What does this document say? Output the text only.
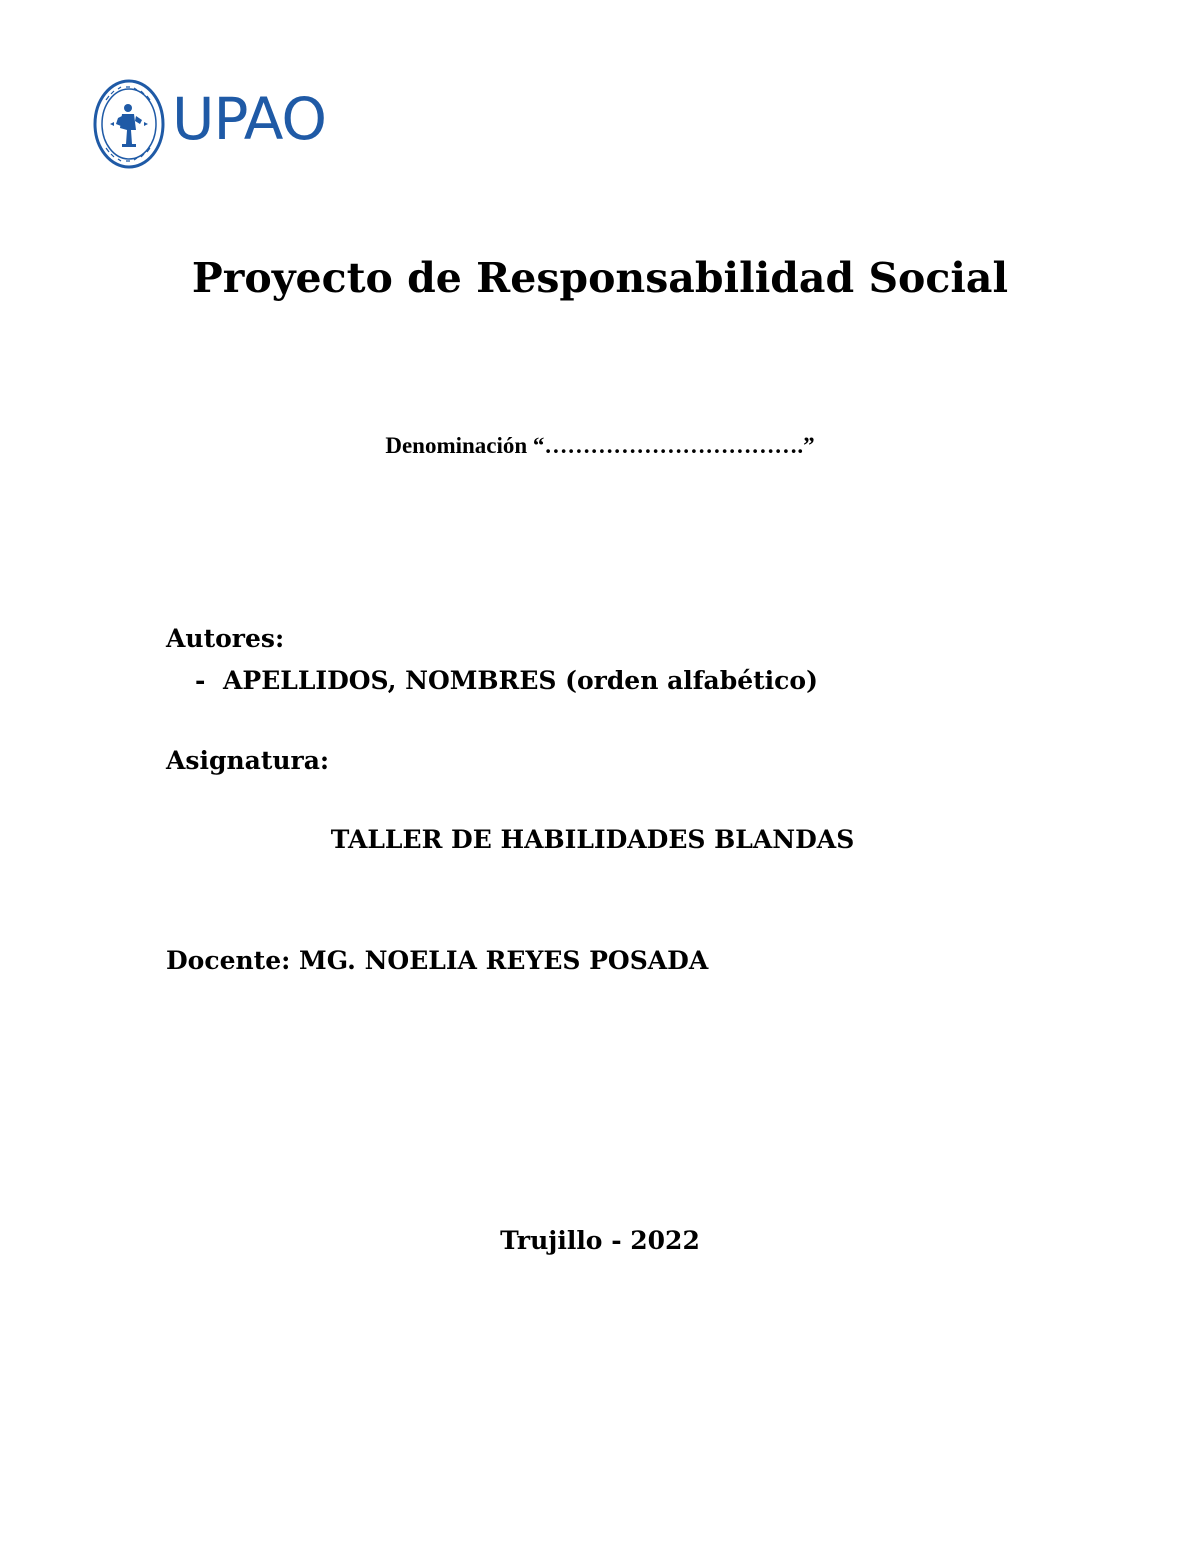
UPAO
Proyecto de Responsabilidad Social
Denominación “…………………………….”
Autores:
- APELLIDOS, NOMBRES (orden alfabético)
Asignatura:
TALLER DE HABILIDADES BLANDAS
Docente: MG. NOELIA REYES POSADA
Trujillo - 2022
